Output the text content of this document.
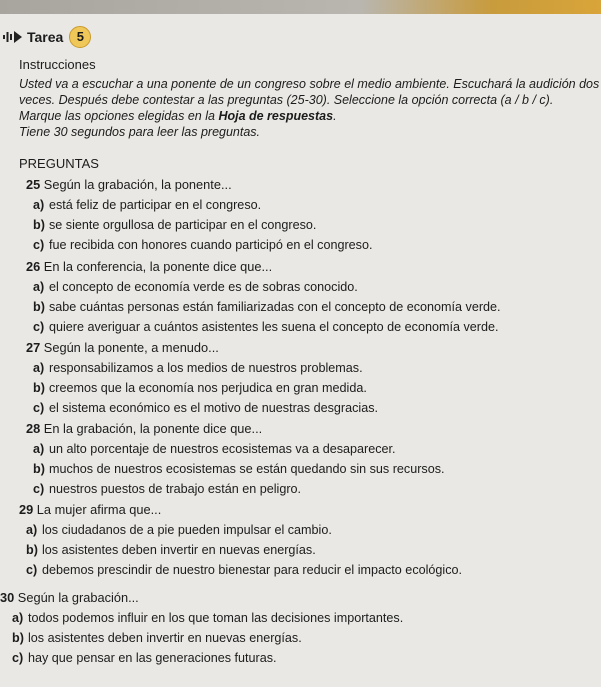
Tarea	5
Instrucciones
Usted va a escuchar a una ponente de un congreso sobre el medio ambiente. Escuchará la audición dos
veces. Después debe contestar a las preguntas (25-30). Seleccione la opción correcta (a / b / c).
Marque las opciones elegidas en la Hoja de respuestas.
Tiene 30 segundos para leer las preguntas.
PREGUNTAS
25 Según la grabación, la ponente...
a) está feliz de participar en el congreso.
b) se siente orgullosa de participar en el congreso.
c) fue recibida con honores cuando participó en el congreso.
26 En la conferencia, la ponente dice que...
a) el concepto de economía verde es de sobras conocido.
b) sabe cuántas personas están familiarizadas con el concepto de economía verde.
c) quiere averiguar a cuántos asistentes les suena el concepto de economía verde.
27 Según la ponente, a menudo...
a) responsabilizamos a los medios de nuestros problemas.
b) creemos que la economía nos perjudica en gran medida.
c) el sistema económico es el motivo de nuestras desgracias.
28 En la grabación, la ponente dice que...
a) un alto porcentaje de nuestros ecosistemas va a desaparecer.
b) muchos de nuestros ecosistemas se están quedando sin sus recursos.
c) nuestros puestos de trabajo están en peligro.
29 La mujer afirma que...
a) los ciudadanos de a pie pueden impulsar el cambio.
b) los asistentes deben invertir en nuevas energías.
c) debemos prescindir de nuestro bienestar para reducir el impacto ecológico.
30 Según la grabación...
a) todos podemos influir en los que toman las decisiones importantes.
b) los asistentes deben invertir en nuevas energías.
c) hay que pensar en las generaciones futuras.
